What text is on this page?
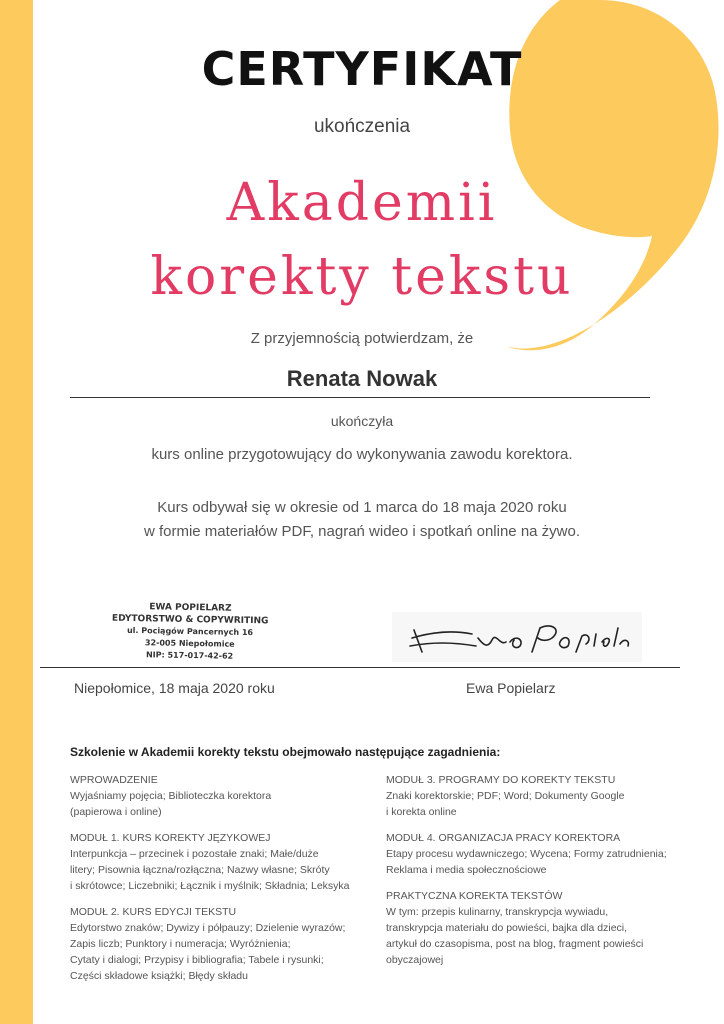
CERTYFIKAT
ukończenia
Akademii
korekty tekstu
Z przyjemnością potwierdzam, że
Renata Nowak
ukończyła
kurs online przygotowujący do wykonywania zawodu korektora.
Kurs odbywał się w okresie od 1 marca do 18 maja 2020 roku
w formie materiałów PDF, nagrań wideo i spotkań online na żywo.
EWA POPIELARZ
EDYTORSTWO & COPYWRITING
ul. Pociągów Pancernych 16
32-005 Niepołomice
NIP: 517-017-42-62
Niepołomice, 18 maja 2020 roku	Ewa Popielarz
Szkolenie w Akademii korekty tekstu obejmowało następujące zagadnienia:
WPROWADZENIE
Wyjaśniamy pojęcia; Biblioteczka korektora
(papierowa i online)
MODUŁ 1. KURS KOREKTY JĘZYKOWEJ
Interpunkcja – przecinek i pozostałe znaki; Małe/duże
litery; Pisownia łączna/rozłączna; Nazwy własne; Skróty
i skrótowce; Liczebniki; Łącznik i myślnik; Składnia; Leksyka
MODUŁ 2. KURS EDYCJI TEKSTU
Edytorstwo znaków; Dywizy i półpauzy; Dzielenie wyrazów;
Zapis liczb; Punktory i numeracja; Wyróżnienia;
Cytaty i dialogi; Przypisy i bibliografia; Tabele i rysunki;
Części składowe książki; Błędy składu
MODUŁ 3. PROGRAMY DO KOREKTY TEKSTU
Znaki korektorskie; PDF; Word; Dokumenty Google
i korekta online
MODUŁ 4. ORGANIZACJA PRACY KOREKTORA
Etapy procesu wydawniczego; Wycena; Formy zatrudnienia;
Reklama i media społecznościowe
PRAKTYCZNA KOREKTA TEKSTÓW
W tym: przepis kulinarny, transkrypcja wywiadu,
transkrypcja materiału do powieści, bajka dla dzieci,
artykuł do czasopisma, post na blog, fragment powieści
obyczajowej
